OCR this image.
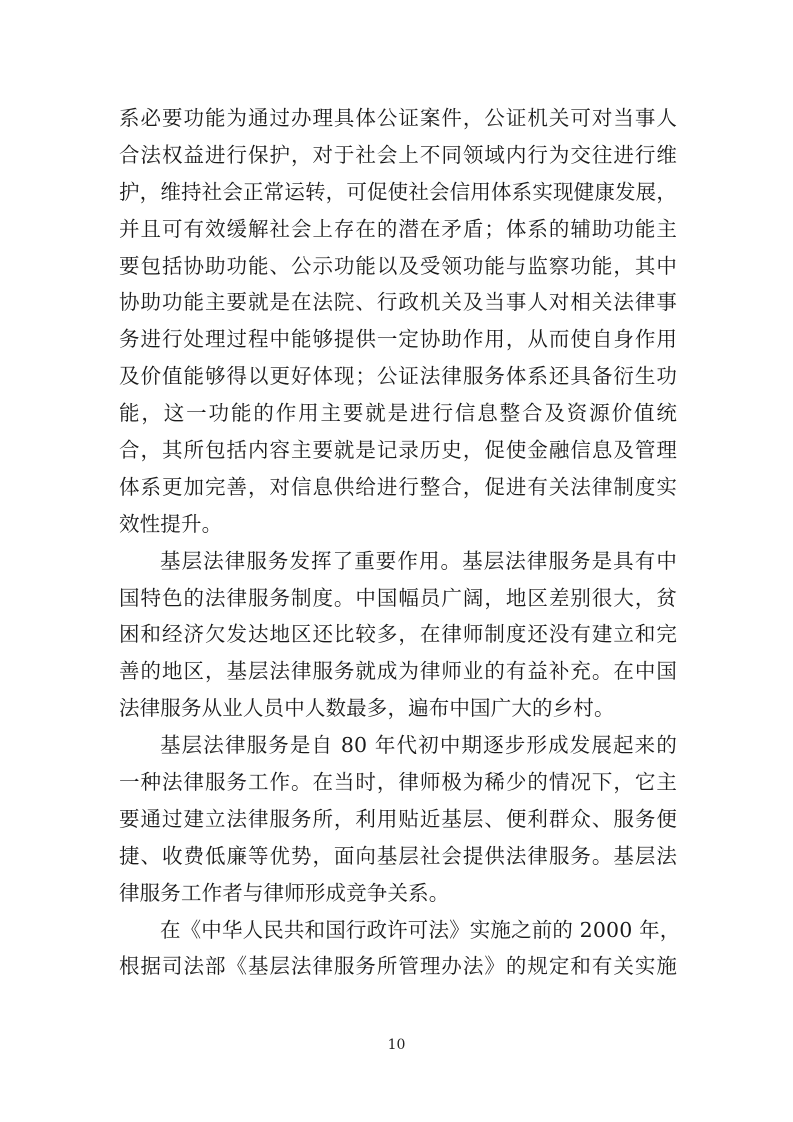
系必要功能为通过办理具体公证案件，公证机关可对当事人
合法权益进行保护，对于社会上不同领域内行为交往进行维
护，维持社会正常运转，可促使社会信用体系实现健康发展，
并且可有效缓解社会上存在的潜在矛盾；体系的辅助功能主
要包括协助功能、公示功能以及受领功能与监察功能，其中
协助功能主要就是在法院、行政机关及当事人对相关法律事
务进行处理过程中能够提供一定协助作用，从而使自身作用
及价值能够得以更好体现；公证法律服务体系还具备衍生功
能，这一功能的作用主要就是进行信息整合及资源价值统
合，其所包括内容主要就是记录历史，促使金融信息及管理
体系更加完善，对信息供给进行整合，促进有关法律制度实
效性提升。
基层法律服务发挥了重要作用。基层法律服务是具有中
国特色的法律服务制度。中国幅员广阔，地区差别很大，贫
困和经济欠发达地区还比较多，在律师制度还没有建立和完
善的地区，基层法律服务就成为律师业的有益补充。在中国
法律服务从业人员中人数最多，遍布中国广大的乡村。
基层法律服务是自 80 年代初中期逐步形成发展起来的
一种法律服务工作。在当时，律师极为稀少的情况下，它主
要通过建立法律服务所，利用贴近基层、便利群众、服务便
捷、收费低廉等优势，面向基层社会提供法律服务。基层法
律服务工作者与律师形成竞争关系。
在《中华人民共和国行政许可法》实施之前的 2000 年，
根据司法部《基层法律服务所管理办法》的规定和有关实施
10
